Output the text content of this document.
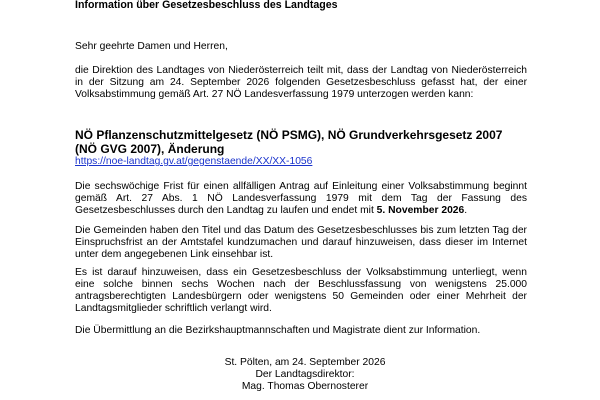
Information über Gesetzesbeschluss des Landtages
Sehr geehrte Damen und Herren,

die Direktion des Landtages von Niederösterreich teilt mit, dass der Landtag von Niederösterreich in der Sitzung am 24. September 2026 folgenden Gesetzesbeschluss gefasst hat, der einer Volksabstimmung gemäß Art. 27 NÖ Landesverfassung 1979 unterzogen werden kann:

NÖ Pflanzenschutzmittelgesetz (NÖ PSMG), NÖ Grundverkehrsgesetz 2007 (NÖ GVG 2007), Änderung

https://noe-landtag.gv.at/gegenstaende/XX/XX-1056

Die sechswöchige Frist für einen allfälligen Antrag auf Einleitung einer Volksabstimmung beginnt gemäß Art. 27 Abs. 1 NÖ Landesverfassung 1979 mit dem Tag der Fassung des Gesetzesbeschlusses durch den Landtag zu laufen und endet mit 5. November 2026.

Die Gemeinden haben den Titel und das Datum des Gesetzesbeschlusses bis zum letzten Tag der Einspruchsfrist an der Amtstafel kundzumachen und darauf hinzuweisen, dass dieser im Internet unter dem angegebenen Link einsehbar ist.

Es ist darauf hinzuweisen, dass ein Gesetzesbeschluss der Volksabstimmung unterliegt, wenn eine solche binnen sechs Wochen nach der Beschlussfassung von wenigstens 25.000 antragsberechtigten Landesbürgern oder wenigstens 50 Gemeinden oder einer Mehrheit der Landtagsmitglieder schriftlich verlangt wird.

Die Übermittlung an die Bezirkshauptmannschaften und Magistrate dient zur Information.

St. Pölten, am 24. September 2026
Der Landtagsdirektor:
Mag. Thomas Obernosterer
